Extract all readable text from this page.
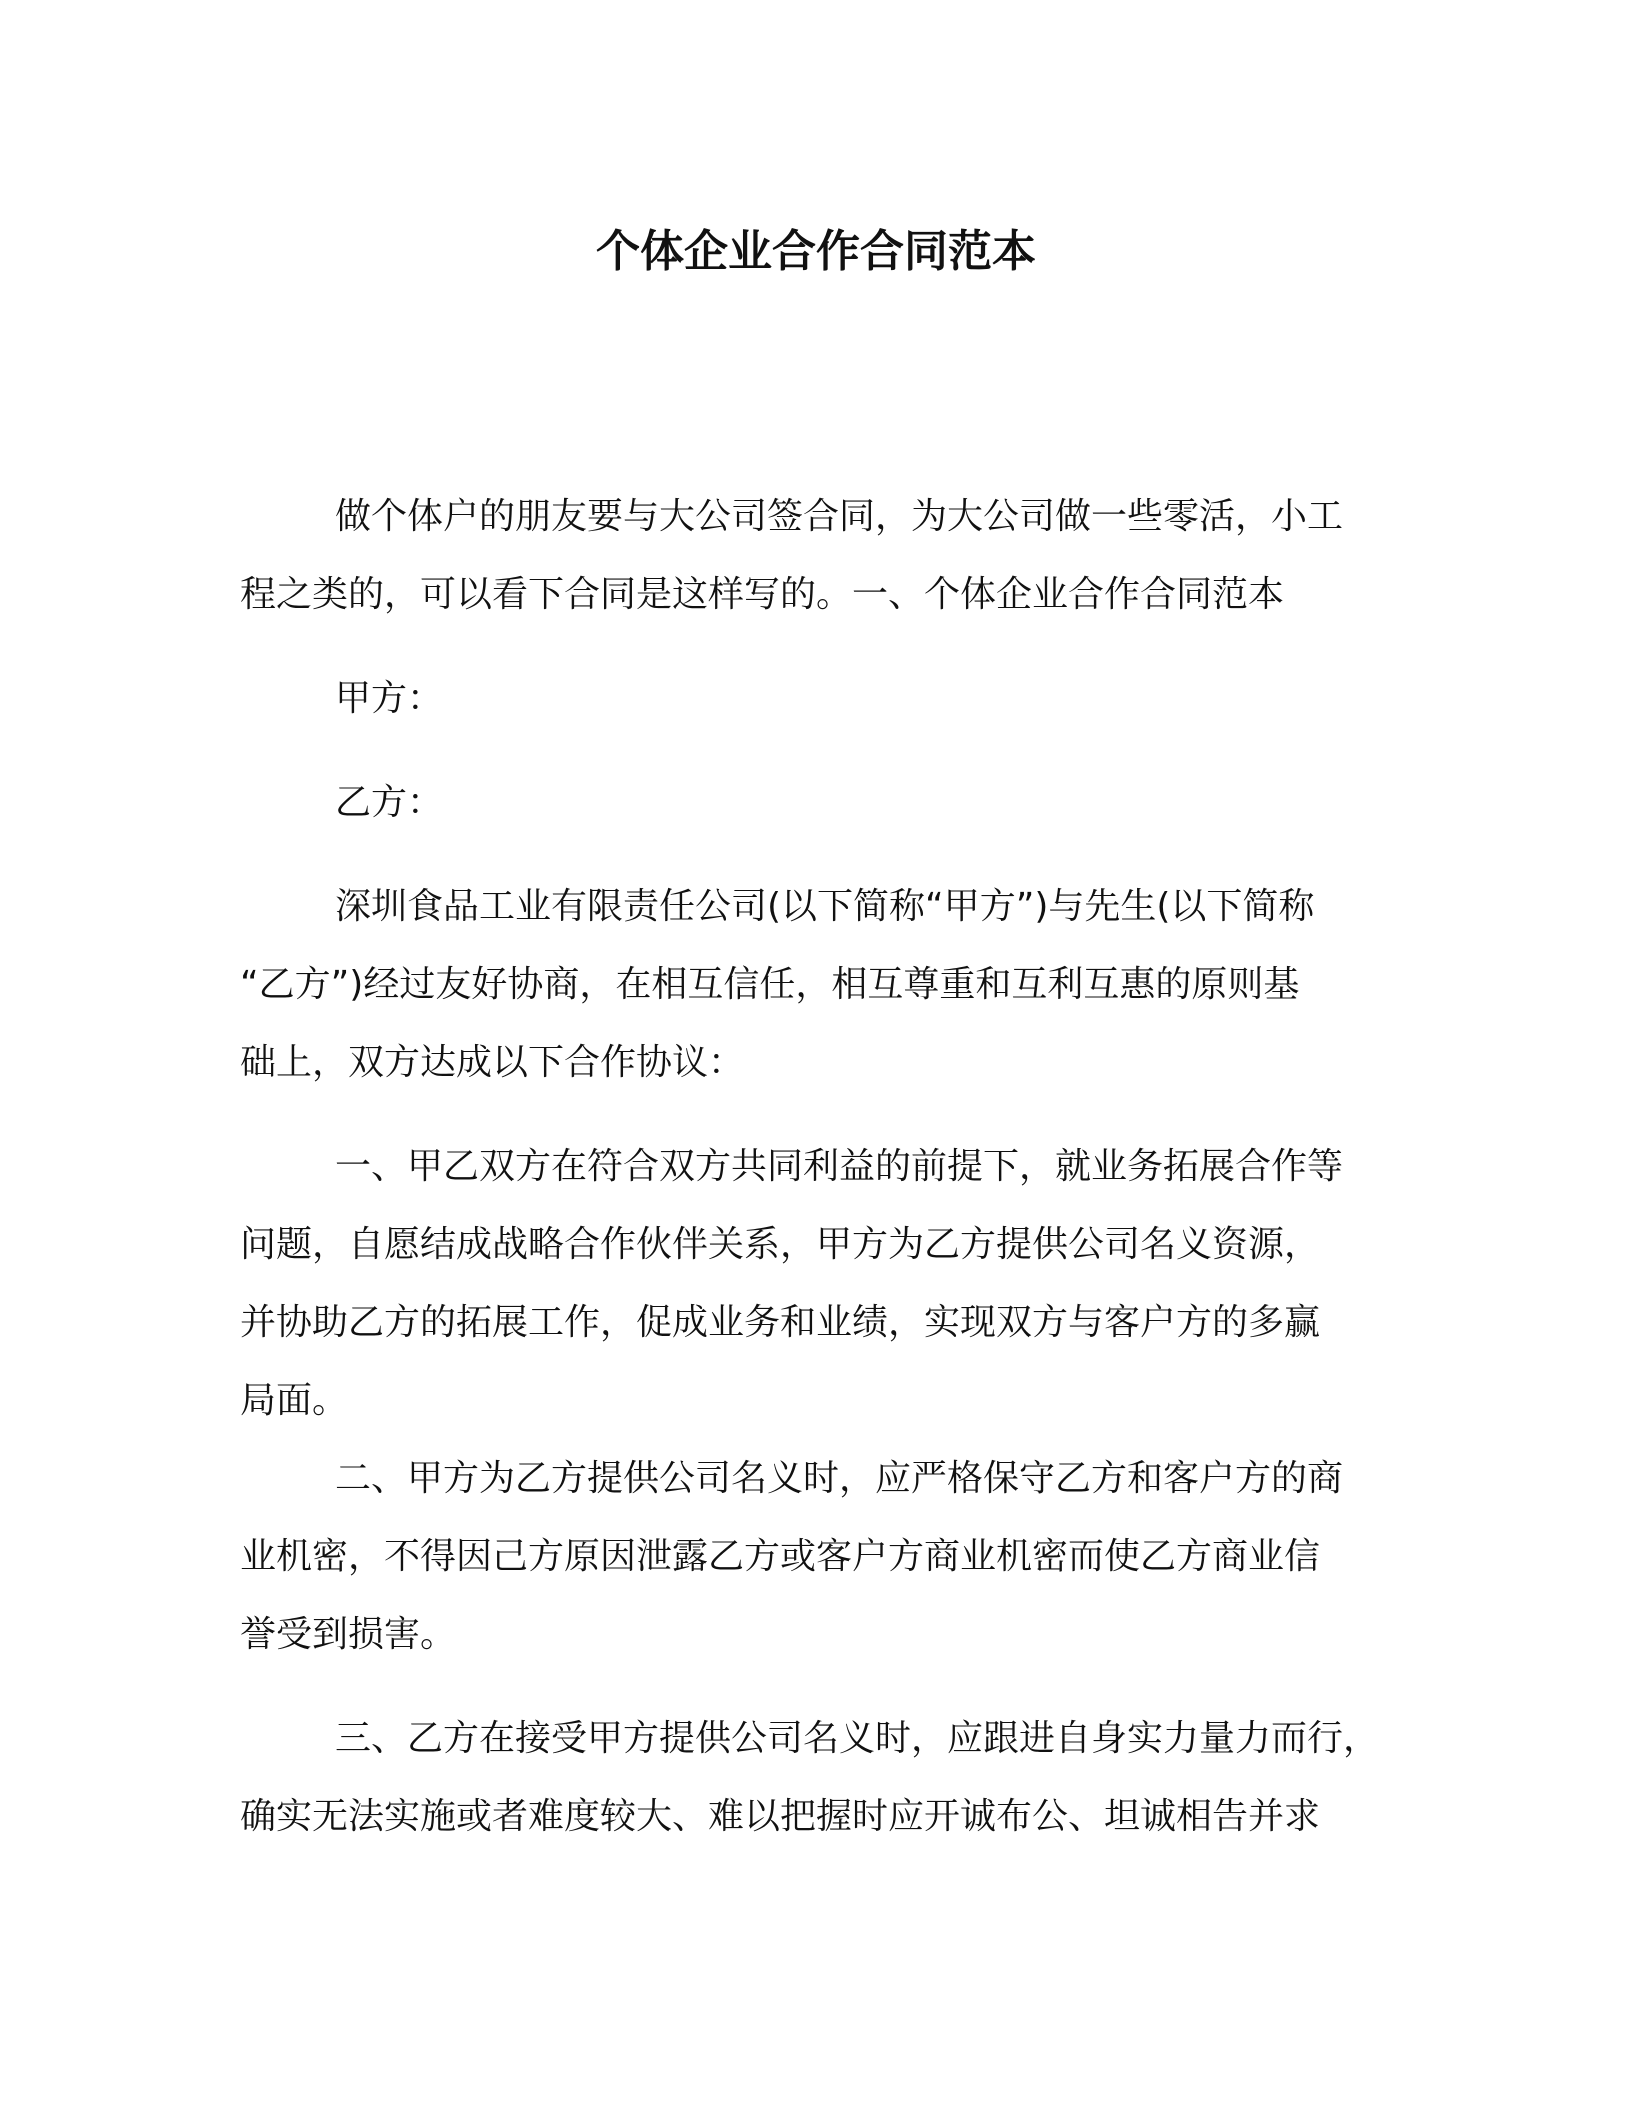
个体企业合作合同范本

做个体户的朋友要与大公司签合同，为大公司做一些零活，小工
程之类的，可以看下合同是这样写的。一、个体企业合作合同范本

甲方：

乙方：

深圳食品工业有限责任公司(以下简称“甲方”)与先生(以下简称
“乙方”)经过友好协商，在相互信任，相互尊重和互利互惠的原则基
础上，双方达成以下合作协议：

一、甲乙双方在符合双方共同利益的前提下，就业务拓展合作等
问题，自愿结成战略合作伙伴关系，甲方为乙方提供公司名义资源，
并协助乙方的拓展工作，促成业务和业绩，实现双方与客户方的多赢
局面。

二、甲方为乙方提供公司名义时，应严格保守乙方和客户方的商
业机密，不得因己方原因泄露乙方或客户方商业机密而使乙方商业信
誉受到损害。

三、乙方在接受甲方提供公司名义时，应跟进自身实力量力而行，
确实无法实施或者难度较大、难以把握时应开诚布公、坦诚相告并求
